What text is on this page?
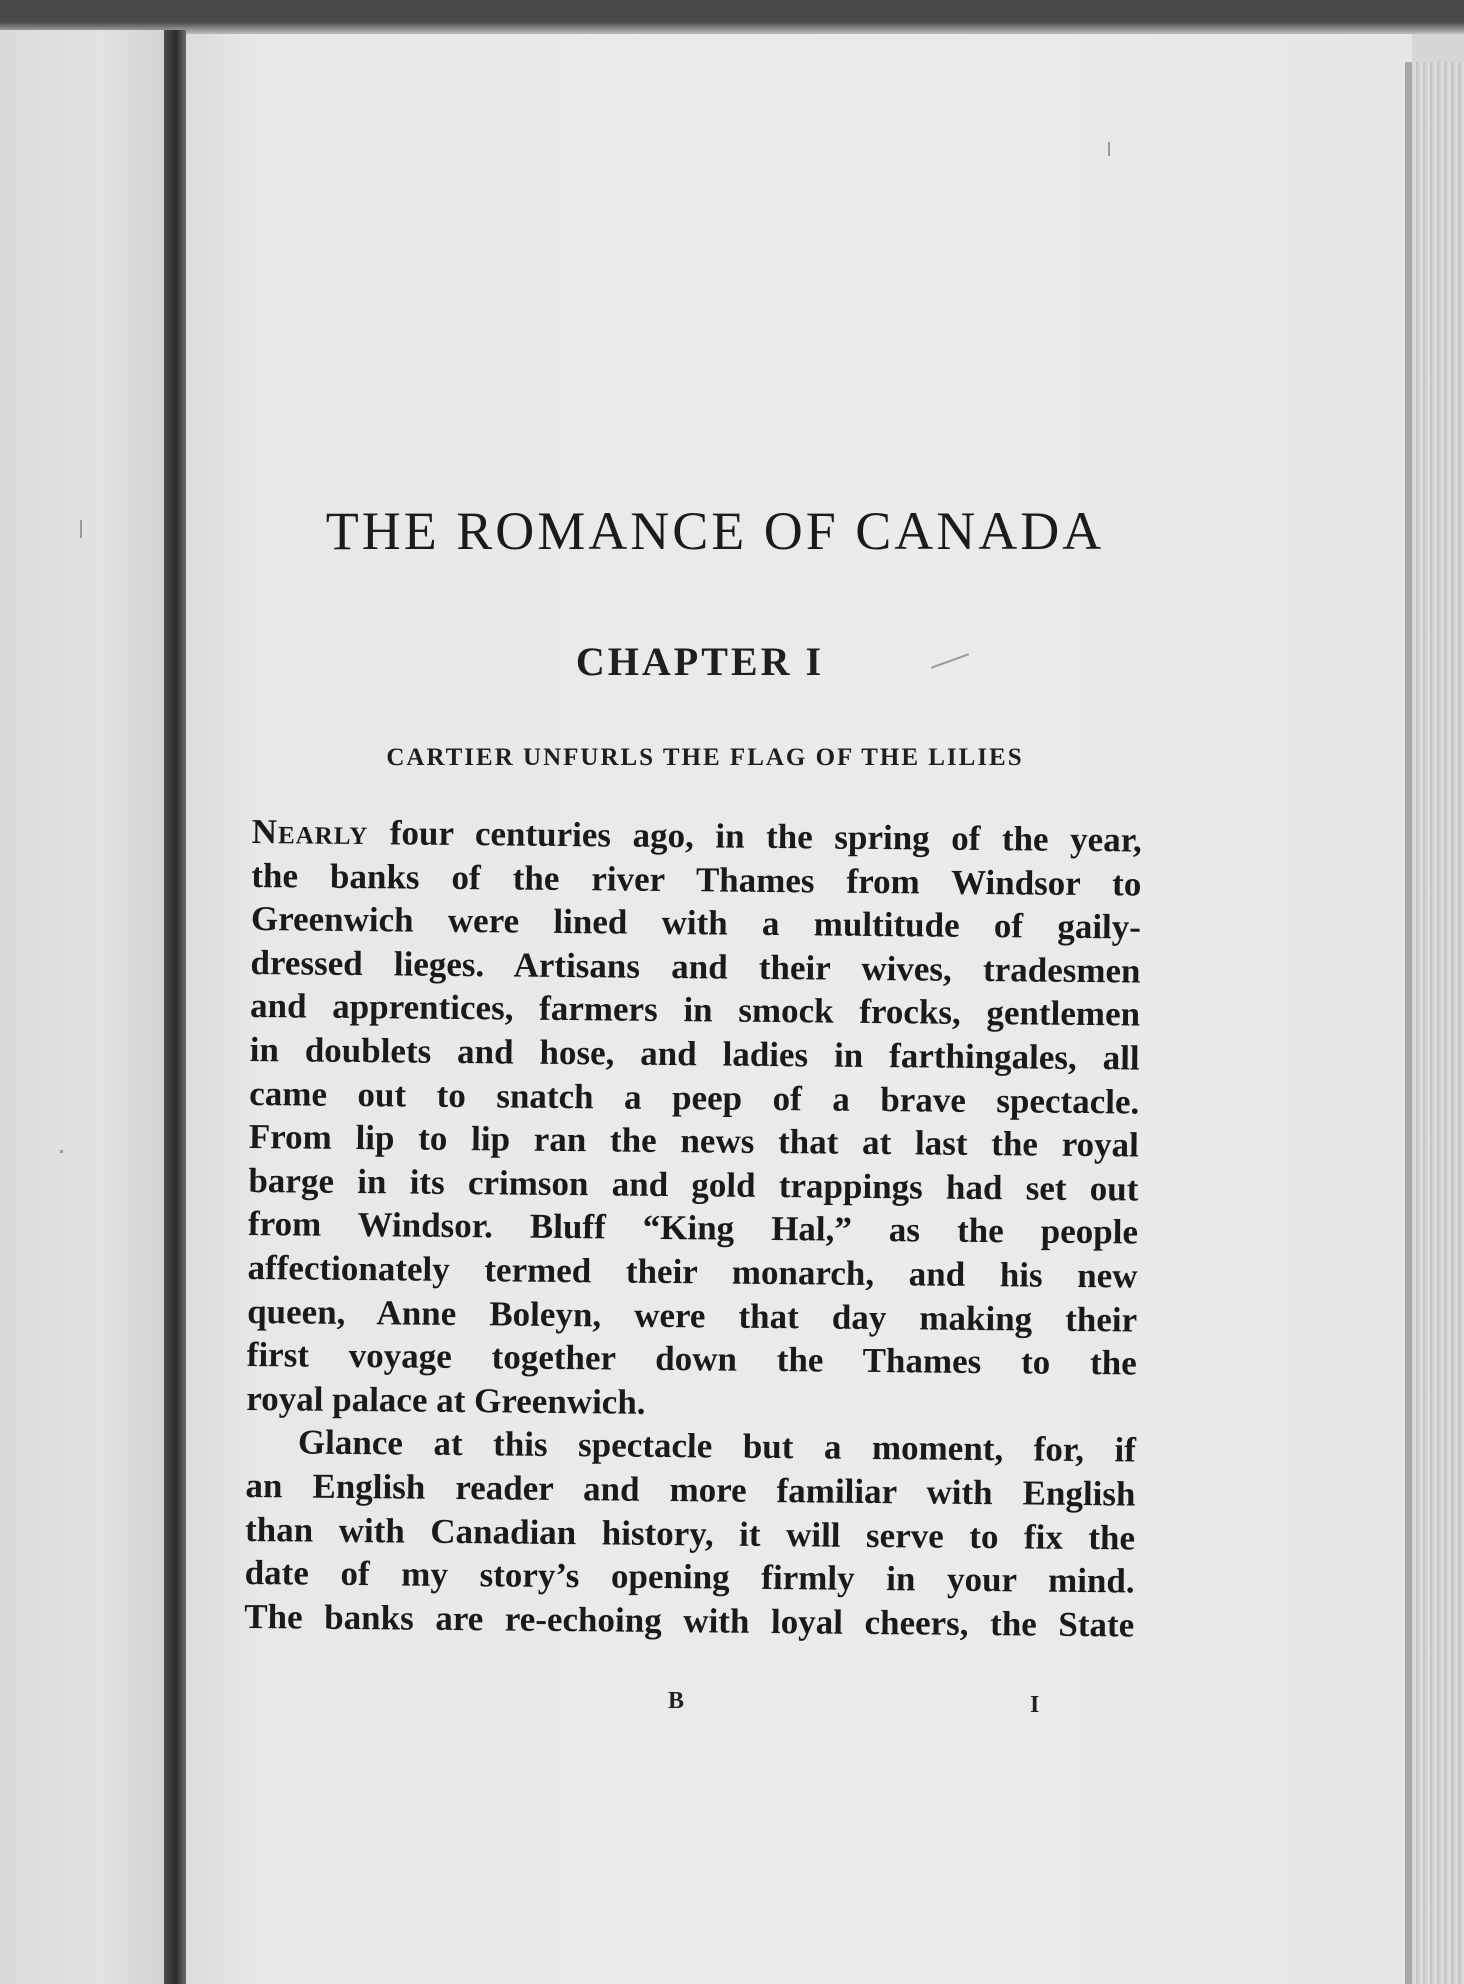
THE ROMANCE OF CANADA
CHAPTER I
CARTIER UNFURLS THE FLAG OF THE LILIES
Nearly four centuries ago, in the spring of the year,
the banks of the river Thames from Windsor to
Greenwich were lined with a multitude of gaily-
dressed lieges. Artisans and their wives, tradesmen
and apprentices, farmers in smock frocks, gentlemen
in doublets and hose, and ladies in farthingales, all
came out to snatch a peep of a brave spectacle.
From lip to lip ran the news that at last the royal
barge in its crimson and gold trappings had set out
from Windsor. Bluff “King Hal,” as the people
affectionately termed their monarch, and his new
queen, Anne Boleyn, were that day making their
first voyage together down the Thames to the
royal palace at Greenwich.
Glance at this spectacle but a moment, for, if
an English reader and more familiar with English
than with Canadian history, it will serve to fix the
date of my story’s opening firmly in your mind.
The banks are re-echoing with loyal cheers, the State
B	I
